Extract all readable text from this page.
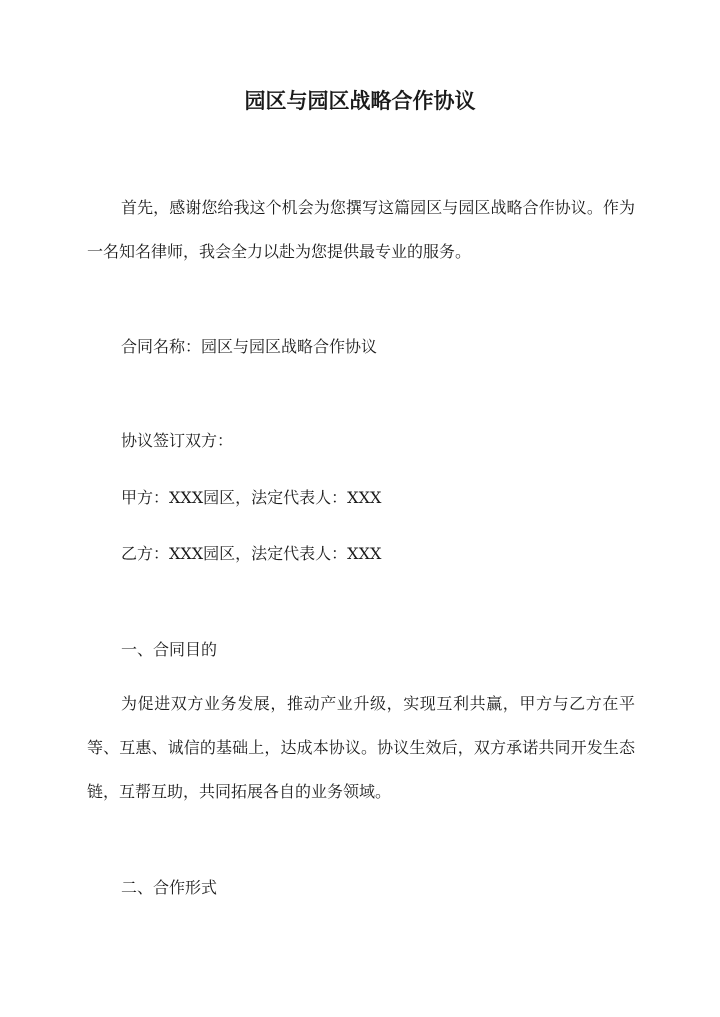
园区与园区战略合作协议

首先，感谢您给我这个机会为您撰写这篇园区与园区战略合作协议。作为一名知名律师，我会全力以赴为您提供最专业的服务。

合同名称：园区与园区战略合作协议

协议签订双方：

甲方：XXX园区，法定代表人：XXX

乙方：XXX园区，法定代表人：XXX

一、合同目的

为促进双方业务发展，推动产业升级，实现互利共赢，甲方与乙方在平等、互惠、诚信的基础上，达成本协议。协议生效后，双方承诺共同开发生态链，互帮互助，共同拓展各自的业务领域。

二、合作形式
